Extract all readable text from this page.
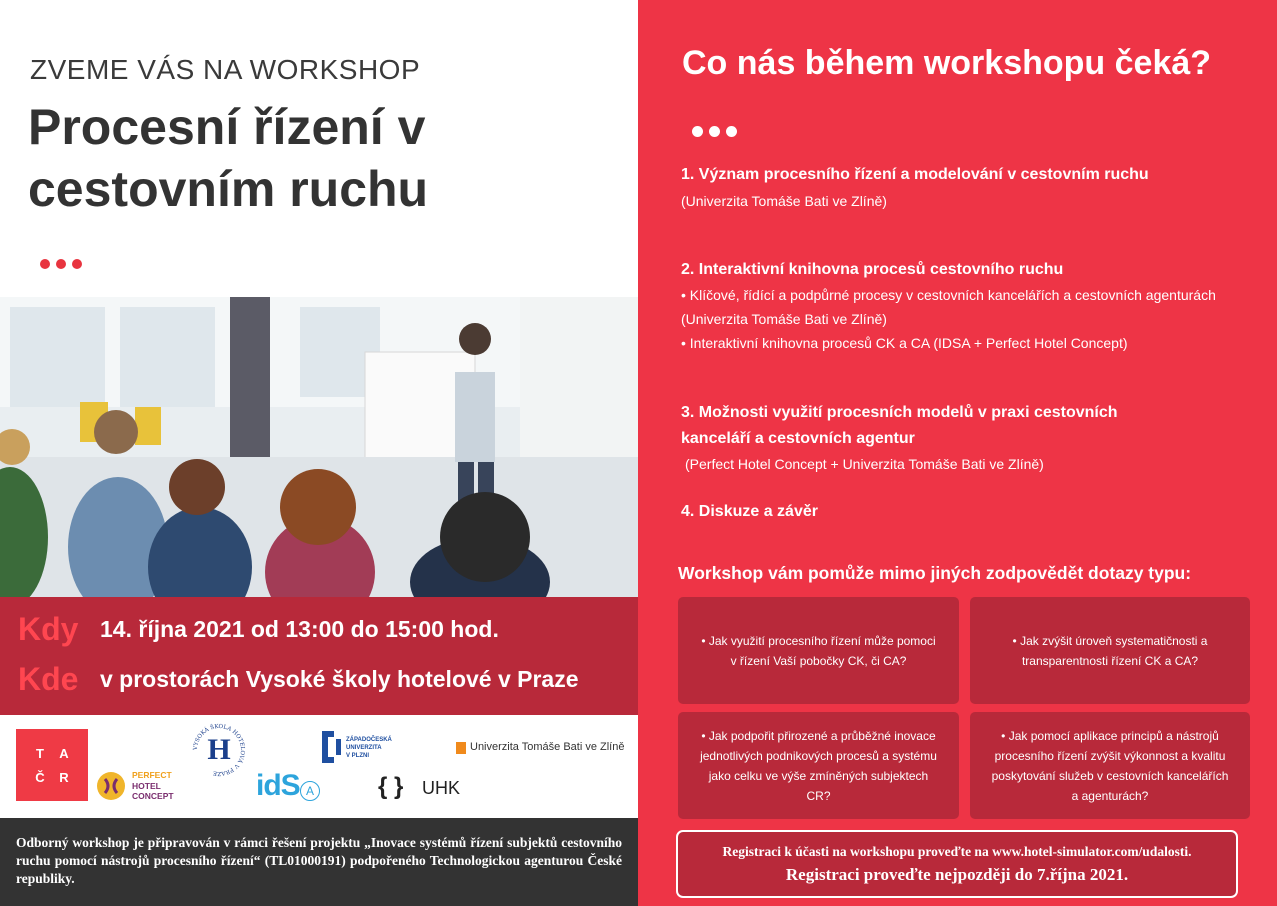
ZVEME VÁS NA WORKSHOP
Procesní řízení v
cestovním ruchu
Kdy 14. října 2021 od 13:00 do 15:00 hod.
Kde v prostorách Vysoké školy hotelové v Praze
T A
Č R	PERFECT
HOTEL
CONCEPT
VYSOKÁ ŠKOLA HOTELOVÁ V PRAZE
H
idS A
ZÁPADOČESKÁ
UNIVERZITA
V PLZNI
Univerzita Tomáše Bati ve Zlíně
{ } UHK
Odborný workshop je připravován v rámci řešení projektu „Inovace systémů řízení subjektů cestovního ruchu pomocí nástrojů procesního řízení“ (TL01000191) podpořeného Technologickou agenturou České republiky.
Co nás během workshopu čeká?
1. Význam procesního řízení a modelování v cestovním ruchu
(Univerzita Tomáše Bati ve Zlíně)
2. Interaktivní knihovna procesů cestovního ruchu
• Klíčové, řídící a podpůrné procesy v cestovních kancelářích a cestovních agenturách (Univerzita Tomáše Bati ve Zlíně)
• Interaktivní knihovna procesů CK a CA (IDSA + Perfect Hotel Concept)
3. Možnosti využití procesních modelů v praxi cestovních
kanceláří a cestovních agentur
(Perfect Hotel Concept + Univerzita Tomáše Bati ve Zlíně)
4. Diskuze a závěr
Workshop vám pomůže mimo jiných zodpovědět dotazy typu:
• Jak využití procesního řízení může pomoci v řízení Vaší pobočky CK, či CA?
• Jak zvýšit úroveň systematičnosti a transparentnosti řízení CK a CA?
• Jak podpořit přirozené a průběžné inovace jednotlivých podnikových procesů a systému jako celku ve výše zmíněných subjektech CR?
• Jak pomocí aplikace principů a nástrojů procesního řízení zvýšit výkonnost a kvalitu poskytování služeb v cestovních kancelářích a agenturách?
Registraci k účasti na workshopu proveďte na www.hotel-simulator.com/udalosti.
Registraci proveďte nejpozději do 7.října 2021.
